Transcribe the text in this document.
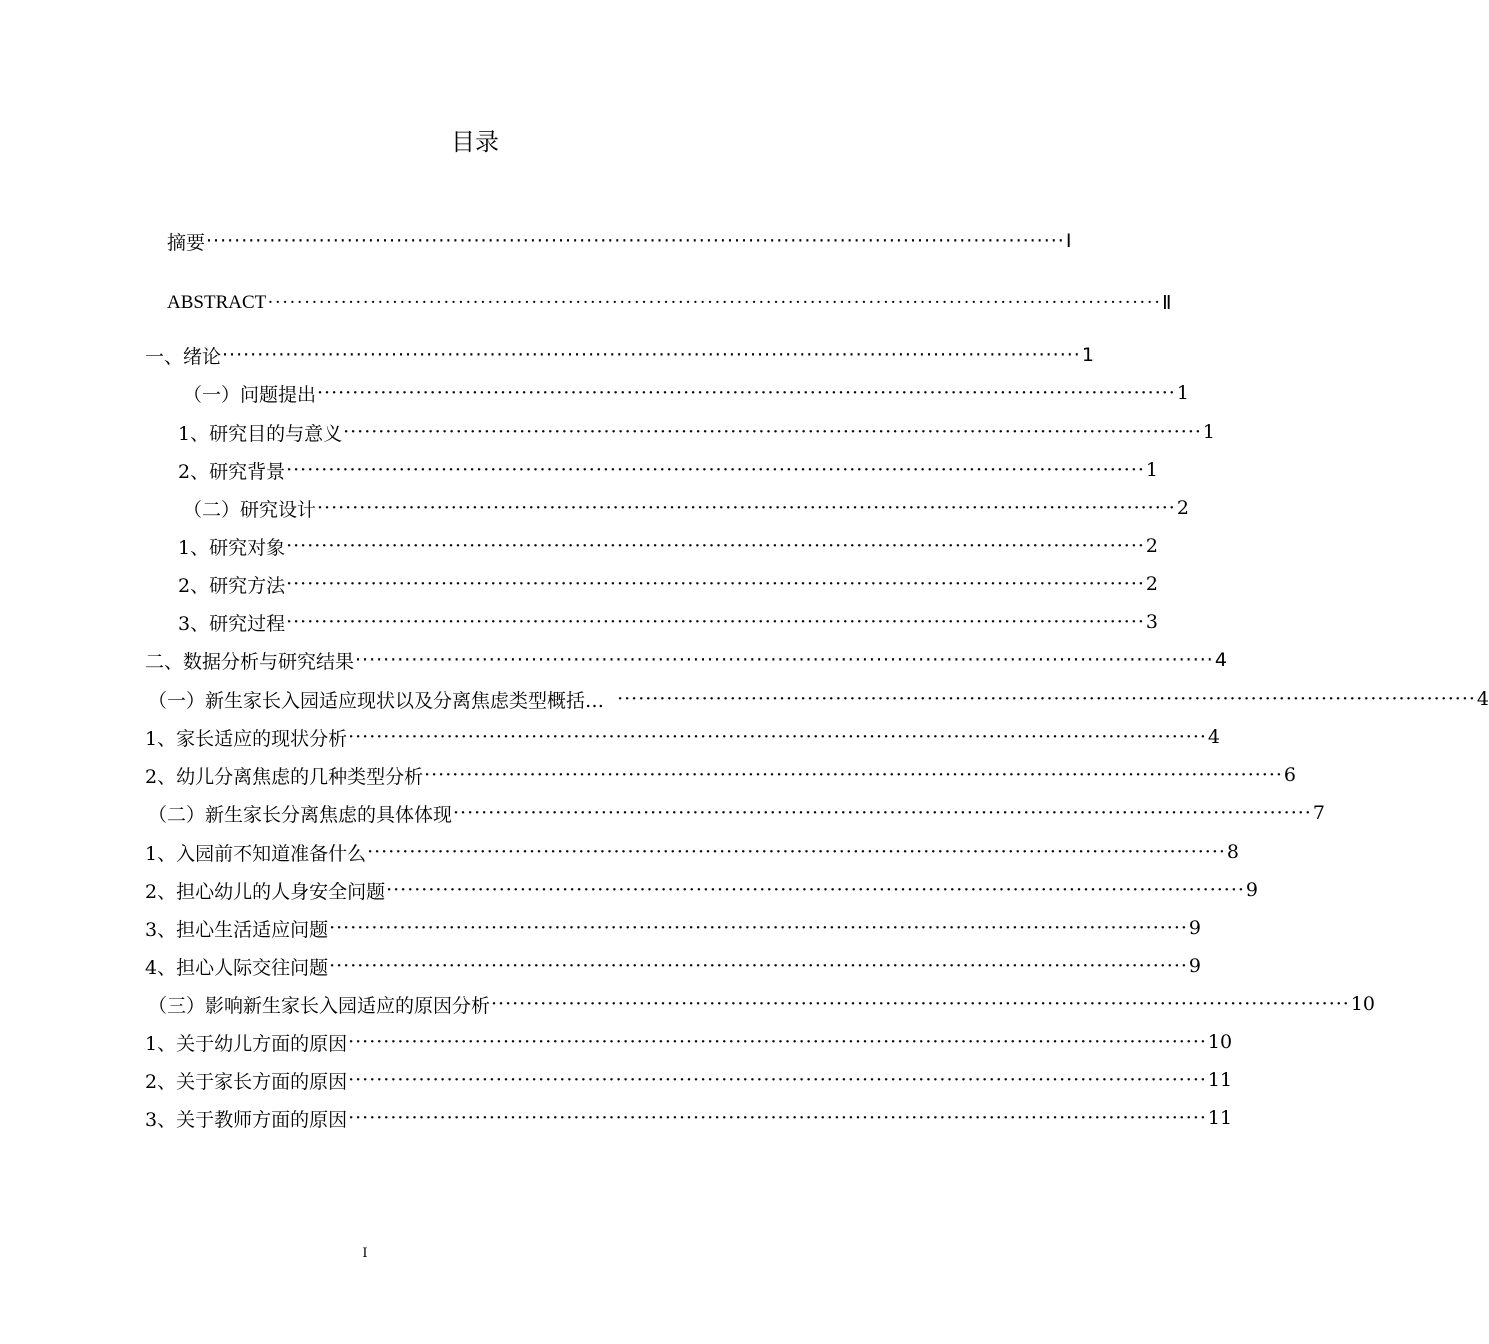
目录
摘要 ·························································································································· Ⅰ
ABSTRACT ·························································································································· Ⅱ
一、绪论 ·························································································································· 1
（一）问题提出 ·························································································································· 1
1、研究目的与意义 ·························································································································· 1
2、研究背景 ·························································································································· 1
（二）研究设计 ·························································································································· 2
1、研究对象 ·························································································································· 2
2、研究方法 ·························································································································· 2
3、研究过程 ·························································································································· 3
二、数据分析与研究结果 ·························································································································· 4
（一）新生家长入园适应现状以及分离焦虑类型概括… ·························································································································· 4
1、家长适应的现状分析 ·························································································································· 4
2、幼儿分离焦虑的几种类型分析 ·························································································································· 6
（二）新生家长分离焦虑的具体体现 ·························································································································· 7
1、入园前不知道准备什么 ·························································································································· 8
2、担心幼儿的人身安全问题 ·························································································································· 9
3、担心生活适应问题 ·························································································································· 9
4、担心人际交往问题 ·························································································································· 9
（三）影响新生家长入园适应的原因分析 ·························································································································· 10
1、关于幼儿方面的原因 ·························································································································· 10
2、关于家长方面的原因 ·························································································································· 11
3、关于教师方面的原因 ·························································································································· 11
I
